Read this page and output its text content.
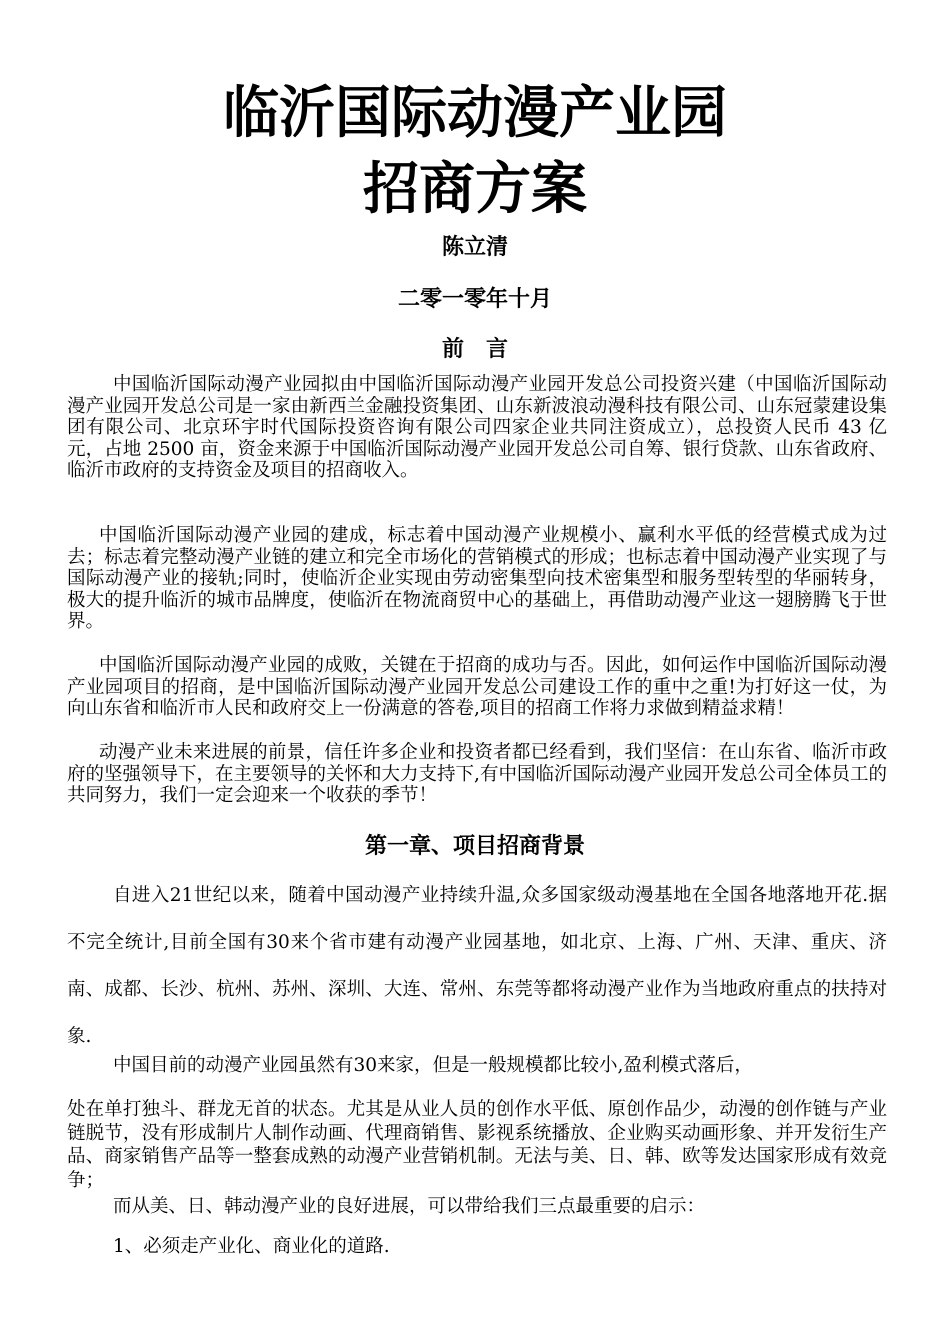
临沂国际动漫产业园
招商方案
陈立清
二零一零年十月
前　言

中国临沂国际动漫产业园拟由中国临沂国际动漫产业园开发总公司投资兴建（中国临沂国际动漫产业园开发总公司是一家由新西兰金融投资集团、山东新波浪动漫科技有限公司、山东冠蒙建设集团有限公司、北京环宇时代国际投资咨询有限公司四家企业共同注资成立），总投资人民币 43 亿元，占地 2500 亩，资金来源于中国临沂国际动漫产业园开发总公司自筹、银行贷款、山东省政府、临沂市政府的支持资金及项目的招商收入。

中国临沂国际动漫产业园的建成，标志着中国动漫产业规模小、赢利水平低的经营模式成为过去；标志着完整动漫产业链的建立和完全市场化的营销模式的形成；也标志着中国动漫产业实现了与国际动漫产业的接轨;同时，使临沂企业实现由劳动密集型向技术密集型和服务型转型的华丽转身，极大的提升临沂的城市品牌度，使临沂在物流商贸中心的基础上，再借助动漫产业这一翅膀腾飞于世界。

中国临沂国际动漫产业园的成败，关键在于招商的成功与否。因此，如何运作中国临沂国际动漫产业园项目的招商，是中国临沂国际动漫产业园开发总公司建设工作的重中之重!为打好这一仗，为向山东省和临沂市人民和政府交上一份满意的答卷,项目的招商工作将力求做到精益求精！

动漫产业未来进展的前景，信任许多企业和投资者都已经看到，我们坚信：在山东省、临沂市政府的坚强领导下，在主要领导的关怀和大力支持下,有中国临沂国际动漫产业园开发总公司全体员工的共同努力，我们一定会迎来一个收获的季节！

第一章、项目招商背景

自进入21世纪以来，随着中国动漫产业持续升温,众多国家级动漫基地在全国各地落地开花.据不完全统计,目前全国有30来个省市建有动漫产业园基地，如北京、上海、广州、天津、重庆、济南、成都、长沙、杭州、苏州、深圳、大连、常州、东莞等都将动漫产业作为当地政府重点的扶持对象.

中国目前的动漫产业园虽然有30来家，但是一般规模都比较小,盈利模式落后，

处在单打独斗、群龙无首的状态。尤其是从业人员的创作水平低、原创作品少，动漫的创作链与产业链脱节，没有形成制片人制作动画、代理商销售、影视系统播放、企业购买动画形象、并开发衍生产品、商家销售产品等一整套成熟的动漫产业营销机制。无法与美、日、韩、欧等发达国家形成有效竞争；

而从美、日、韩动漫产业的良好进展，可以带给我们三点最重要的启示：

1、必须走产业化、商业化的道路.
